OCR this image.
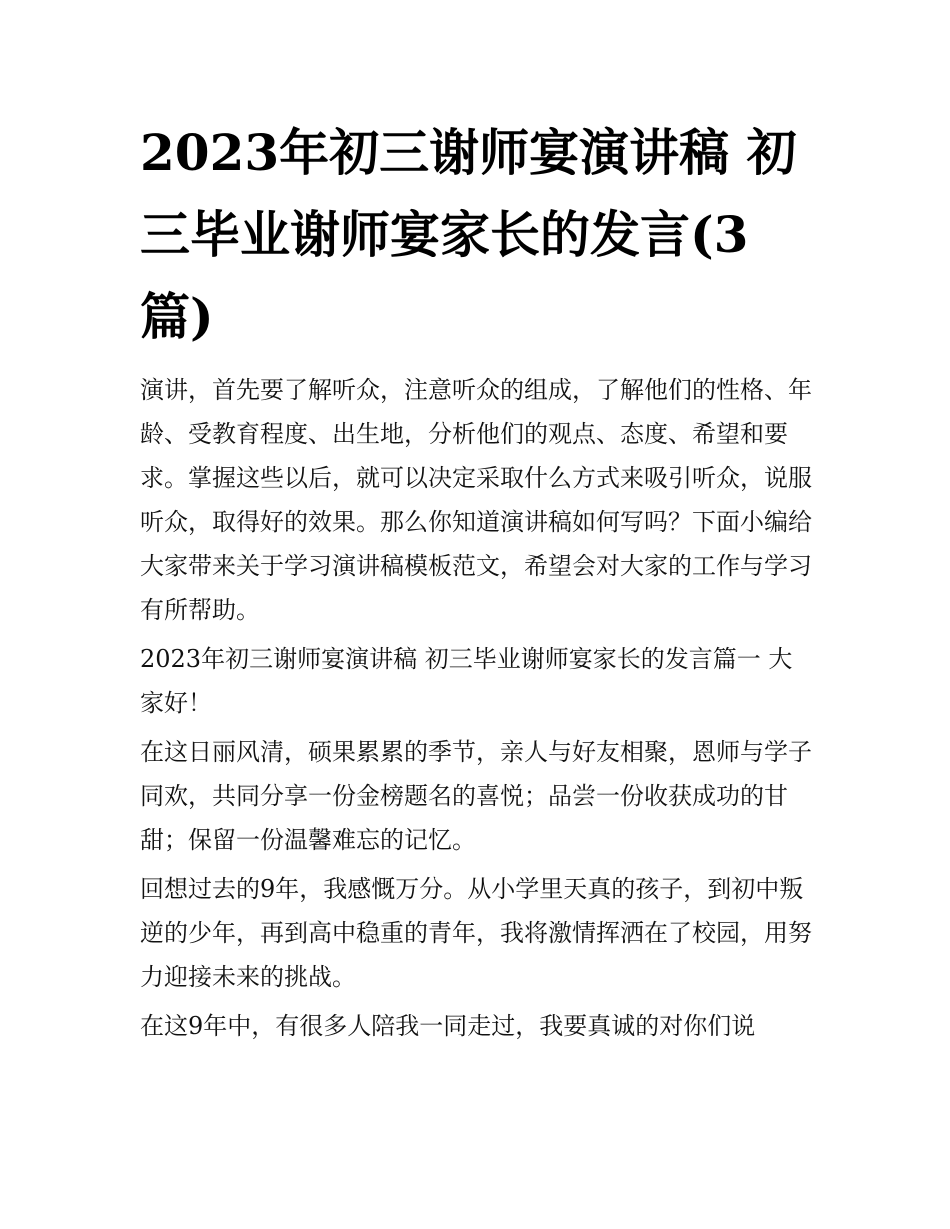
2023年初三谢师宴演讲稿 初三毕业谢师宴家长的发言(3篇)

演讲，首先要了解听众，注意听众的组成，了解他们的性格、年龄、受教育程度、出生地，分析他们的观点、态度、希望和要求。掌握这些以后，就可以决定采取什么方式来吸引听众，说服听众，取得好的效果。那么你知道演讲稿如何写吗？下面小编给大家带来关于学习演讲稿模板范文，希望会对大家的工作与学习有所帮助。

2023年初三谢师宴演讲稿 初三毕业谢师宴家长的发言篇一 大家好！

在这日丽风清，硕果累累的季节，亲人与好友相聚，恩师与学子同欢，共同分享一份金榜题名的喜悦；品尝一份收获成功的甘甜；保留一份温馨难忘的记忆。

回想过去的9年，我感慨万分。从小学里天真的孩子，到初中叛逆的少年，再到高中稳重的青年，我将激情挥洒在了校园，用努力迎接未来的挑战。

在这9年中，有很多人陪我一同走过，我要真诚的对你们说
